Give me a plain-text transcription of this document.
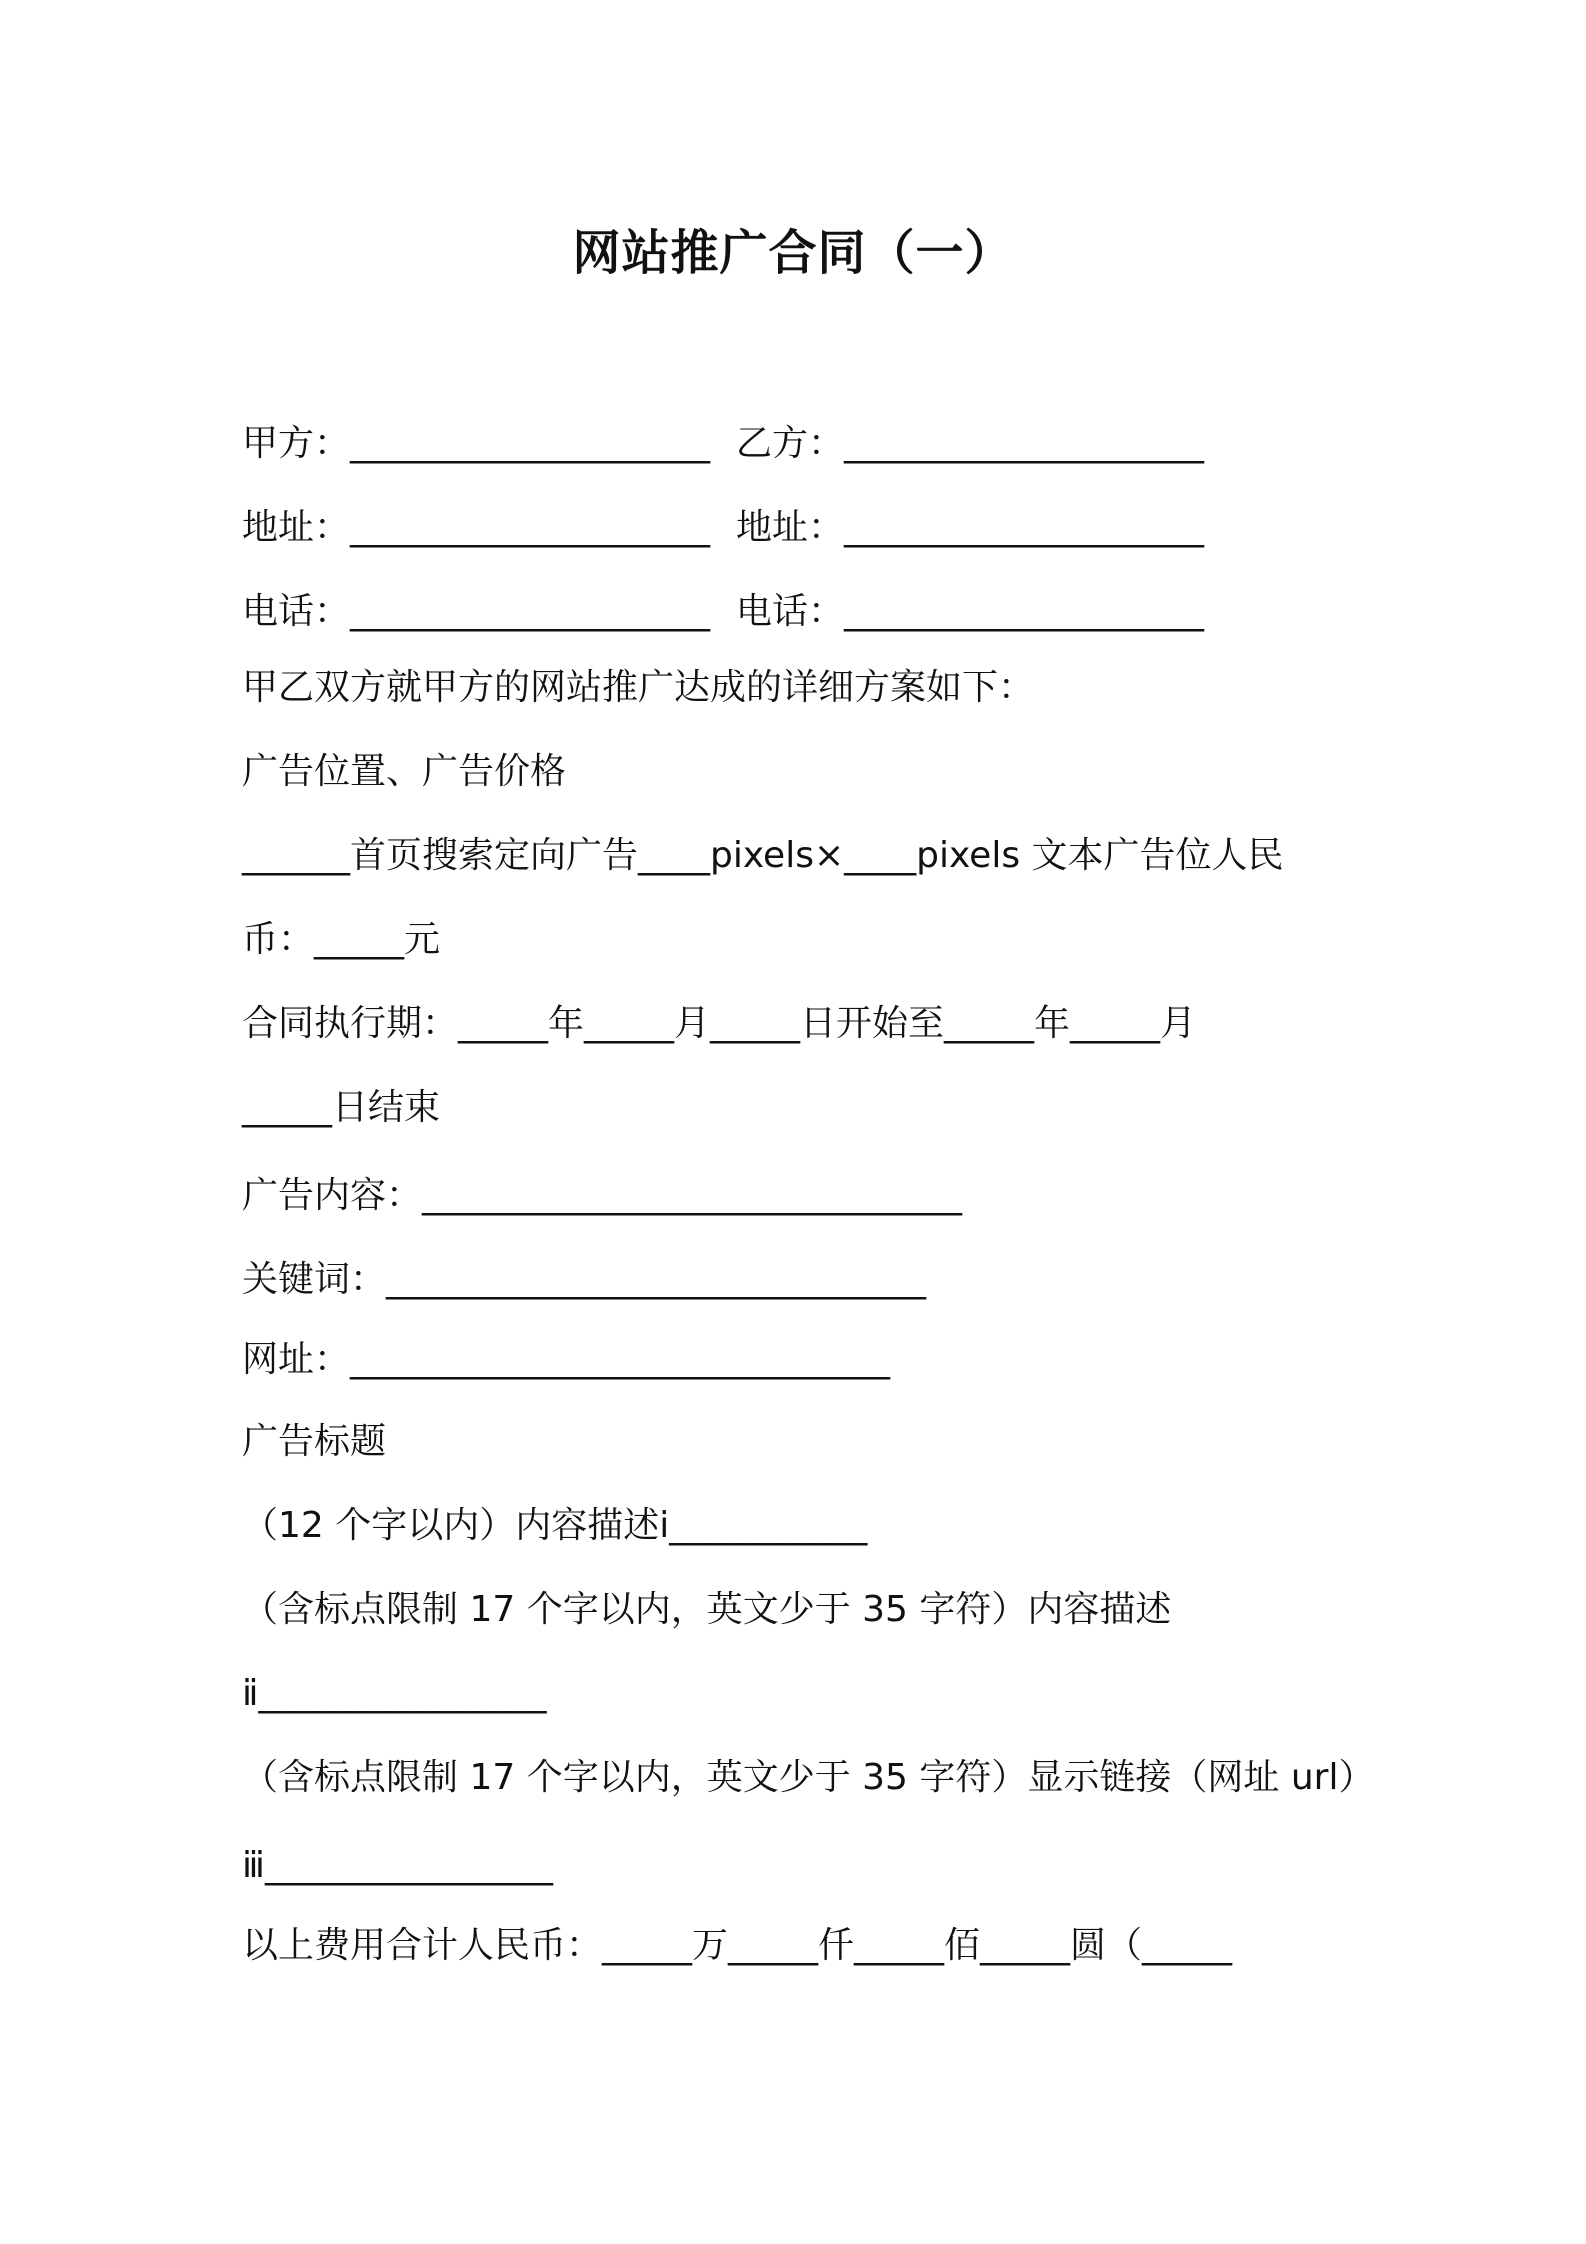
网站推广合同（一）
甲方：____________________ 乙方：____________________
地址：____________________ 地址：____________________
电话：____________________ 电话：____________________
甲乙双方就甲方的网站推广达成的详细方案如下：
广告位置、广告价格
______首页搜索定向广告____pixels×____pixels 文本广告位人民
币：_____元
合同执行期：_____年_____月_____日开始至_____年_____月
_____日结束
广告内容：______________________________
关键词：______________________________
网址：______________________________
广告标题
（12 个字以内）内容描述ⅰ___________
（含标点限制 17 个字以内，英文少于 35 字符）内容描述
ⅱ________________
（含标点限制 17 个字以内，英文少于 35 字符）显示链接（网址 url）
ⅲ________________
以上费用合计人民币：_____万_____仟_____佰_____圆（_____
